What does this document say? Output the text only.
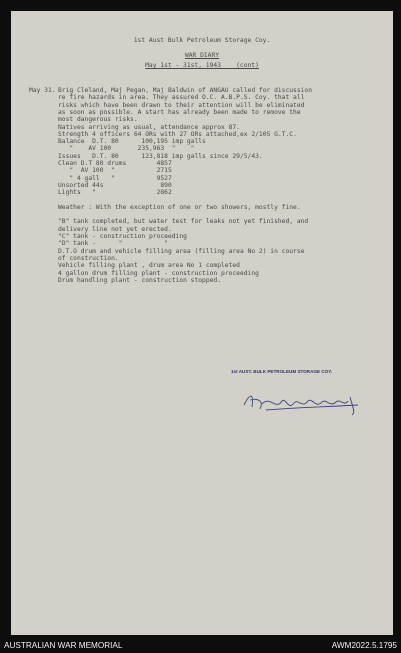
1st Aust Bulk Petroleum Storage Coy.
WAR DIARY
May 1st - 31st, 1943    (cont)
May 31. Brig Cleland, Maj Pegan, Maj Baldwin of ANGAU called for discussion
re fire hazards in area. They assured O.C. A.B.P.S. Coy. that all
risks which have been drawn to their attention will be eliminated
as soon as possible. A start has already been made to remove the
most dangerous risks.
Natives arriving as usual, attendance approx 87.
Strength 4 officers 64 ORs with 27 ORs attached,ex 2/105 G.T.C.
Balance  D.T. 80      100,195 imp galls
"    AV 100       235,963  "    "
Issues   D.T. 80      123,818 imp galls since 29/5/43.
Clean D.T 80 drums        4857
"  AV 100  "           2715
" 4 gall   "           9527
Unsorted 44s               890
Lights   "                2862
Weather : With the exception of one or two showers, mostly fine.
"B" tank completed, but water test for leaks not yet finished, and
delivery line not yet erected.
"C" tank - construction proceeding
"D" tank -      "           "
D.T.O drum and vehicle filling area (filling area No 2) in course
of construction.
Vehicle filling plant , drum area No 1 completed
4 gallon drum filling plant - construction proceeding
Drum handling plant - construction stopped.
1st AUST. BULK PETROLEUM STORAGE COY.
AUSTRALIAN WAR MEMORIAL	AWM2022.5.1795
